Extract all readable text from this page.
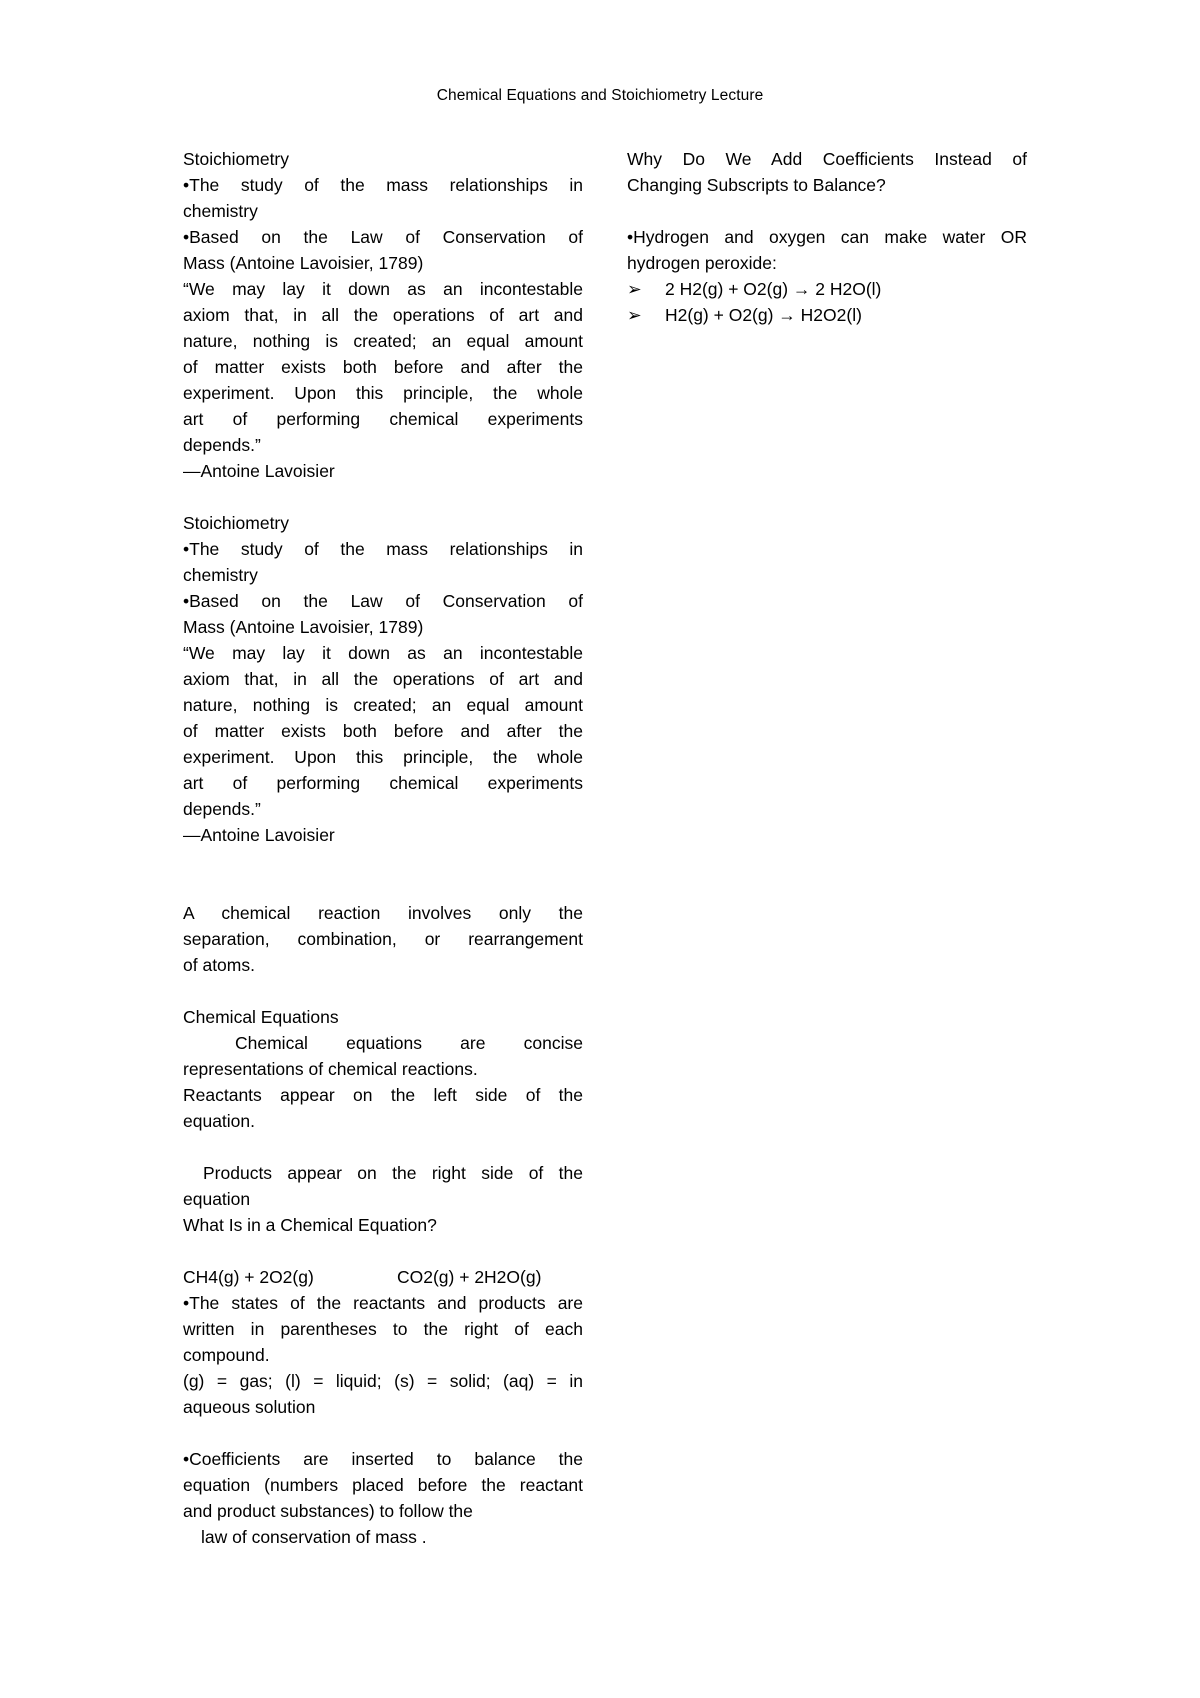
Chemical Equations and Stoichiometry Lecture
Stoichiometry
•The study of the mass relationships in
chemistry
•Based on the Law of Conservation of
Mass (Antoine Lavoisier, 1789)
“We may lay it down as an incontestable
axiom that, in all the operations of art and
nature, nothing is created; an equal amount
of matter exists both before and after the
experiment. Upon this principle, the whole
art of performing chemical experiments
depends.”
—Antoine Lavoisier
Stoichiometry
•The study of the mass relationships in
chemistry
•Based on the Law of Conservation of
Mass (Antoine Lavoisier, 1789)
“We may lay it down as an incontestable
axiom that, in all the operations of art and
nature, nothing is created; an equal amount
of matter exists both before and after the
experiment. Upon this principle, the whole
art of performing chemical experiments
depends.”
—Antoine Lavoisier
A chemical reaction involves only the
separation, combination, or rearrangement
of atoms.
Chemical Equations
Chemical equations are concise
representations of chemical reactions.
Reactants appear on the left side of the
equation.
Products appear on the right side of the
equation
What Is in a Chemical Equation?
CH4(g) + 2O2(g)	CO2(g) + 2H2O(g)
•The states of the reactants and products are
written in parentheses to the right of each
compound.
(g) = gas; (l) = liquid; (s) = solid; (aq) = in
aqueous solution
•Coefficients are inserted to balance the
equation (numbers placed before the reactant
and product substances) to follow the
law of conservation of mass .
Why Do We Add Coefficients Instead of
Changing Subscripts to Balance?
•Hydrogen and oxygen can make water OR
hydrogen peroxide:
➢	2 H2(g) + O2(g) → 2 H2O(l)
➢	H2(g) + O2(g) → H2O2(l)
